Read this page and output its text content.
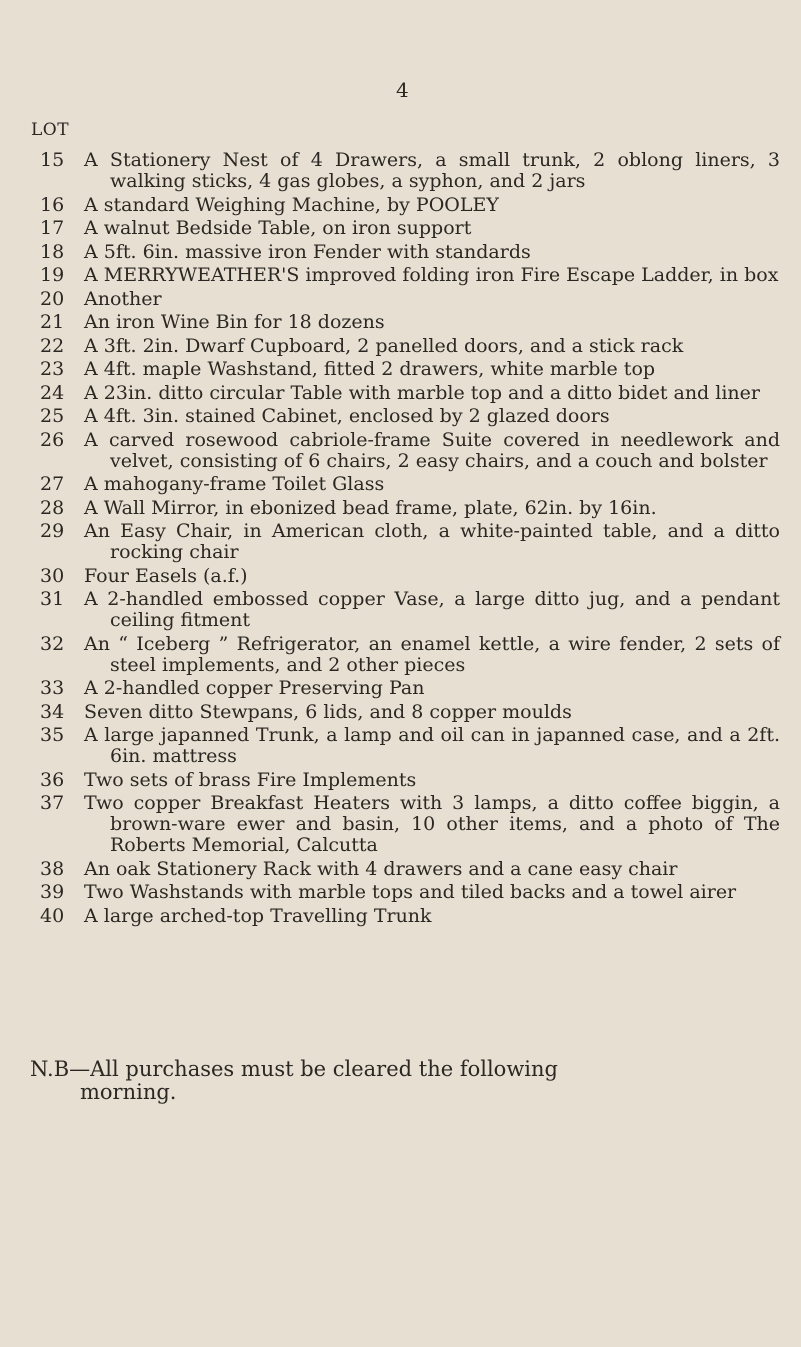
4
LOT
15	A Stationery Nest of 4 Drawers, a small trunk, 2 oblong liners, 3 walking sticks, 4 gas globes, a syphon, and 2 jars
16	A standard Weighing Machine, by POOLEY
17	A walnut Bedside Table, on iron support
18	A 5ft. 6in. massive iron Fender with standards
19	A MERRYWEATHER'S improved folding iron Fire Escape Ladder, in box
20	Another
21	An iron Wine Bin for 18 dozens
22	A 3ft. 2in. Dwarf Cupboard, 2 panelled doors, and a stick rack
23	A 4ft. maple Washstand, fitted 2 drawers, white marble top
24	A 23in. ditto circular Table with marble top and a ditto bidet and liner
25	A 4ft. 3in. stained Cabinet, enclosed by 2 glazed doors
26	A carved rosewood cabriole-frame Suite covered in needlework and velvet, consisting of 6 chairs, 2 easy chairs, and a couch and bolster
27	A mahogany-frame Toilet Glass
28	A Wall Mirror, in ebonized bead frame, plate, 62in. by 16in.
29	An Easy Chair, in American cloth, a white-painted table, and a ditto rocking chair
30	Four Easels (a.f.)
31	A 2-handled embossed copper Vase, a large ditto jug, and a pendant ceiling fitment
32	An “ Iceberg ” Refrigerator, an enamel kettle, a wire fender, 2 sets of steel implements, and 2 other pieces
33	A 2-handled copper Preserving Pan
34	Seven ditto Stewpans, 6 lids, and 8 copper moulds
35	A large japanned Trunk, a lamp and oil can in japanned case, and a 2ft. 6in. mattress
36	Two sets of brass Fire Implements
37	Two copper Breakfast Heaters with 3 lamps, a ditto coffee biggin, a brown-ware ewer and basin, 10 other items, and a photo of The Roberts Memorial, Calcutta
38	An oak Stationery Rack with 4 drawers and a cane easy chair
39	Two Washstands with marble tops and tiled backs and a towel airer
40	A large arched-top Travelling Trunk
N.B—All purchases must be cleared the following
morning.
